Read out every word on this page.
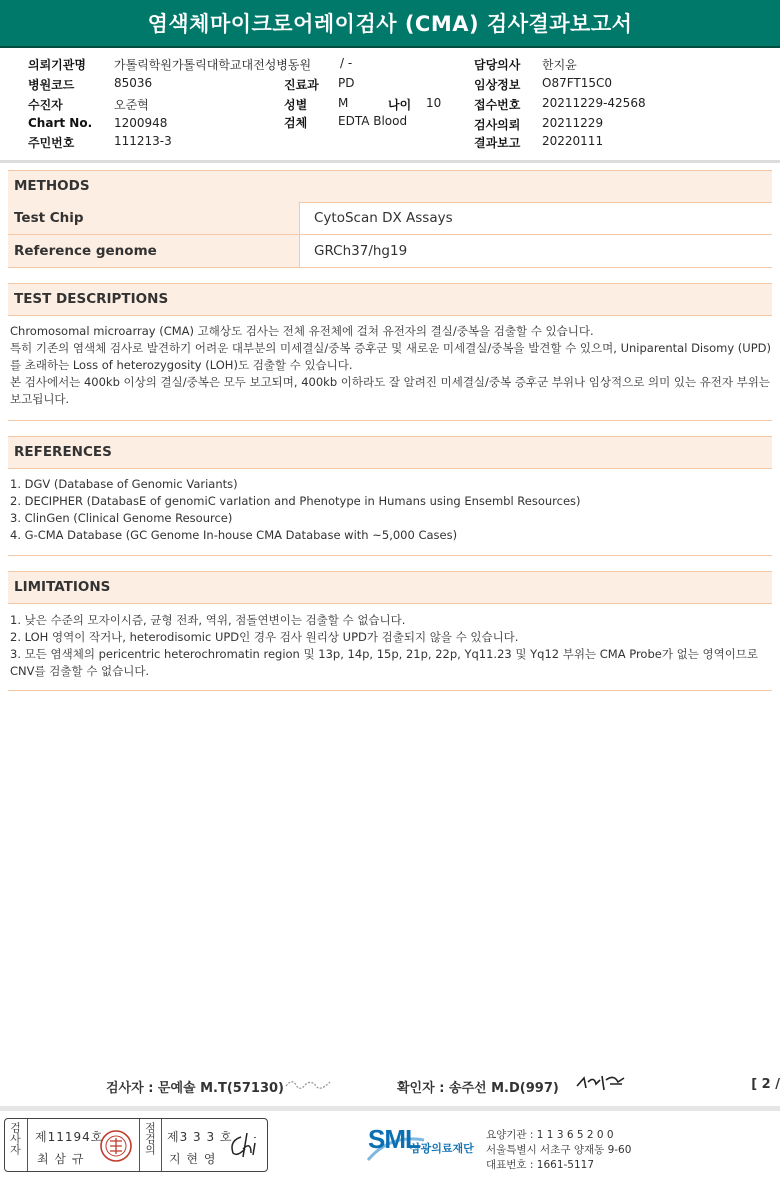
염색체마이크로어레이검사 (CMA) 검사결과보고서
의뢰기관명 가톨릭학원가톨릭대학교대전성병동원 / -
병원코드	85036	진료과 PD
수진자	오준혁	성별	M	나이 10
Chart No. 1200948	검체	EDTA Blood
주민번호	111213-3
담당의사 한지윤
임상정보 O87FT15C0
접수번호 20211229-42568
검사의뢰 20211229
결과보고 20220111
METHODS
Test Chip	CytoScan DX Assays
Reference genome	GRCh37/hg19
TEST DESCRIPTIONS

Chromosomal microarray (CMA) 고해상도 검사는 전체 유전체에 걸쳐 유전자의 결실/중복을 검출할 수 있습니다.

특히 기존의 염색체 검사로 발견하기 어려운 대부분의 미세결실/중복 증후군 및 새로운 미세결실/중복을 발견할 수 있으며, Uniparental Disomy (UPD)를 초래하는 Loss of heterozygosity (LOH)도 검출할 수 있습니다.

본 검사에서는 400kb 이상의 결실/중복은 모두 보고되며, 400kb 이하라도 잘 알려진 미세결실/중복 증후군 부위나 임상적으로 의미 있는 유전자 부위는 보고됩니다.

REFERENCES

1. DGV (Database of Genomic Variants)

2. DECIPHER (DatabasE of genomiC varIation and Phenotype in Humans using Ensembl Resources)

3. ClinGen (Clinical Genome Resource)

4. G-CMA Database (GC Genome In-house CMA Database with ~5,000 Cases)

LIMITATIONS

1. 낮은 수준의 모자이시즘, 균형 전좌, 역위, 점돌연변이는 검출할 수 없습니다.

2. LOH 영역이 작거나, heterodisomic UPD인 경우 검사 원리상 UPD가 검출되지 않을 수 있습니다.

3. 모든 염색체의 pericentric heterochromatin region 및 13p, 14p, 15p, 21p, 22p, Yq11.23 및 Yq12 부위는 CMA Probe가 없는 영역이므로 CNV를 검출할 수 없습니다.

검사자 : 문예솔 M.T(57130)	확인자 : 송주선 M.D(997)	[ 2 /
검사자 제11194호
최 삼 규
점검의 제3 3 3 호
지 현 영
SML
삼광의료재단
요양기관 : 1 1 3 6 5 2 0 0
서울특별시 서초구 양재동 9-60
대표번호 : 1661-5117
